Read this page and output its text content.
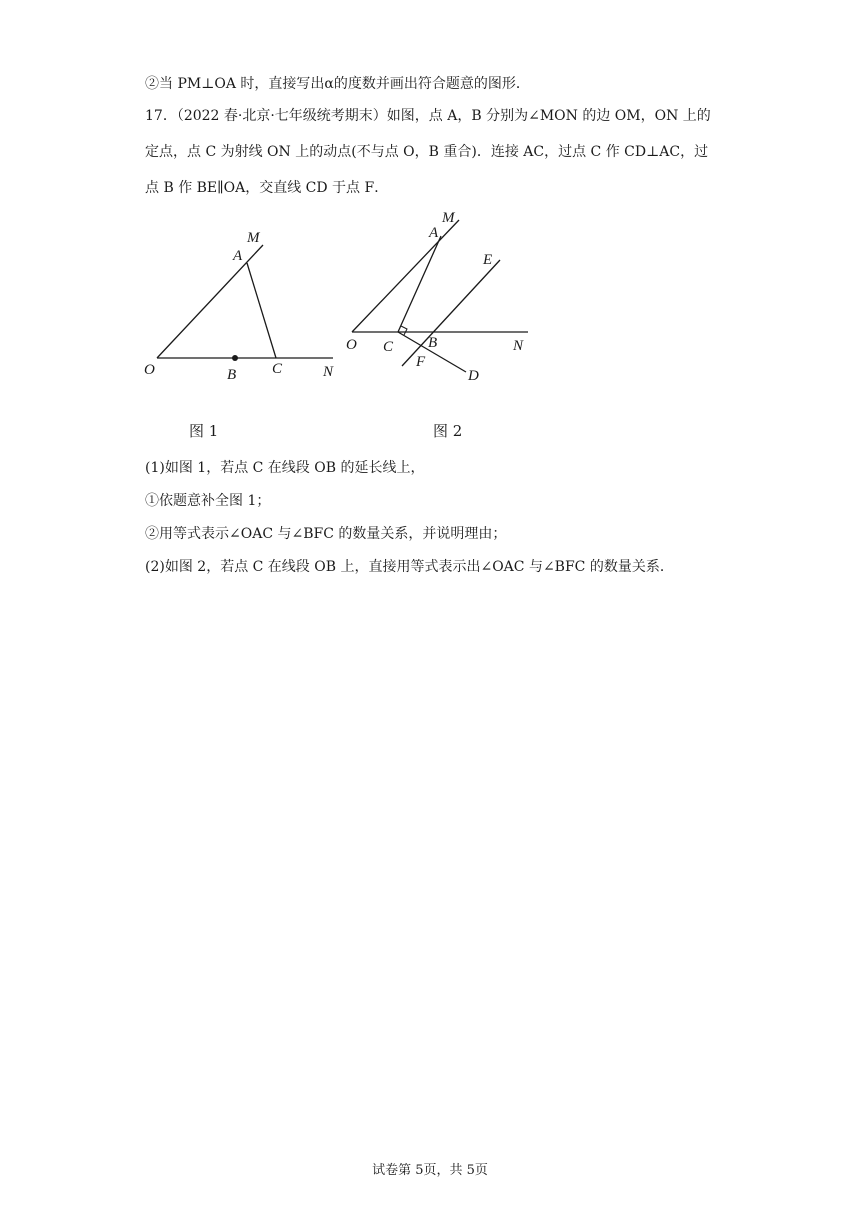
②当 PM⊥OA 时，直接写出α的度数并画出符合题意的图形．
17．（2022 春·北京·七年级统考期末）如图，点 A，B 分别为∠MON 的边 OM，ON 上的
定点，点 C 为射线 ON 上的动点(不与点 O，B 重合)．连接 AC，过点 C 作 CD⊥AC，过
点 B 作 BE∥OA，交直线 CD 于点 F．
M
A
O	B C	N
M
A
E
O C B	N
F
D
图 1	图 2
(1)如图 1，若点 C 在线段 OB 的延长线上，
①依题意补全图 1；
②用等式表示∠OAC 与∠BFC 的数量关系，并说明理由；
(2)如图 2，若点 C 在线段 OB 上，直接用等式表示出∠OAC 与∠BFC 的数量关系．
试卷第 5页，共 5页
